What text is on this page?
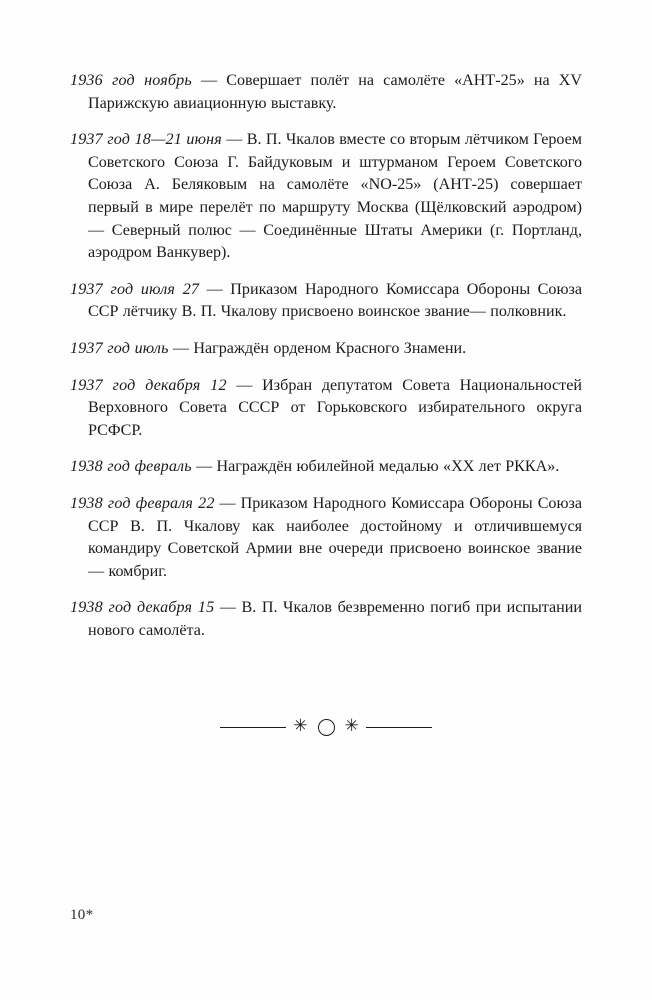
1936 год ноябрь — Совершает полёт на самолёте «АНТ-25» на XV Парижскую авиационную выставку.

1937 год 18—21 июня — В. П. Чкалов вместе со вторым лётчиком Героем Советского Союза Г. Байдуковым и штурманом Героем Советского Союза А. Беляковым на самолёте «NO-25» (АНТ-25) совершает первый в мире перелёт по маршруту Москва (Щёлковский аэродром) — Северный полюс — Соединённые Штаты Америки (г. Портланд, аэродром Ванкувер).

1937 год июля 27 — Приказом Народного Комиссара Обороны Союза ССР лётчику В. П. Чкалову присвоено воинское звание— полковник.

1937 год июль — Награждён орденом Красного Знамени.

1937 год декабря 12 — Избран депутатом Совета Национальностей Верховного Совета СССР от Горьковского избирательного округа РСФСР.

1938 год февраль — Награждён юбилейной медалью «XX лет РККА».

1938 год февраля 22 — Приказом Народного Комиссара Обороны Союза ССР В. П. Чкалову как наиболее достойному и отличившемуся командиру Советской Армии вне очереди присвоено воинское звание — комбриг.

1938 год декабря 15 — В. П. Чкалов безвременно погиб при испытании нового самолёта.

✳ ✳
10*
